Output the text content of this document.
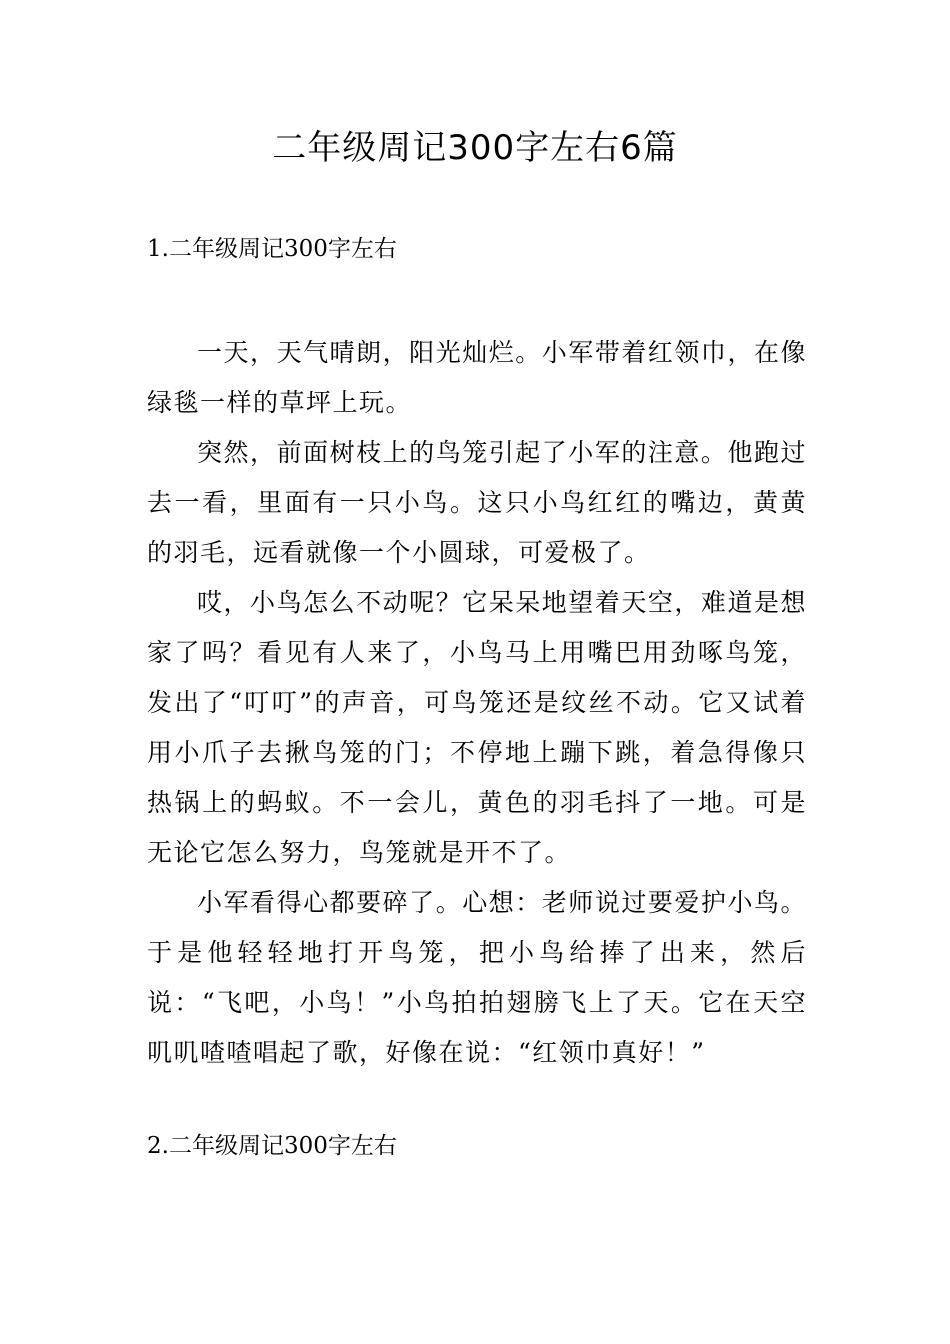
二年级周记300字左右6篇
1.二年级周记300字左右

一天，天气晴朗，阳光灿烂。小军带着红领巾，在像绿毯一样的草坪上玩。

突然，前面树枝上的鸟笼引起了小军的注意。他跑过去一看，里面有一只小鸟。这只小鸟红红的嘴边，黄黄的羽毛，远看就像一个小圆球，可爱极了。

哎，小鸟怎么不动呢？它呆呆地望着天空，难道是想家了吗？看见有人来了，小鸟马上用嘴巴用劲啄鸟笼，发出了“叮叮”的声音，可鸟笼还是纹丝不动。它又试着用小爪子去揪鸟笼的门；不停地上蹦下跳，着急得像只热锅上的蚂蚁。不一会儿，黄色的羽毛抖了一地。可是无论它怎么努力，鸟笼就是开不了。

小军看得心都要碎了。心想：老师说过要爱护小鸟。于是他轻轻地打开鸟笼，把小鸟给捧了出来，然后说：“飞吧，小鸟！”小鸟拍拍翅膀飞上了天。它在天空叽叽喳喳唱起了歌，好像在说：“红领巾真好！”

2.二年级周记300字左右
